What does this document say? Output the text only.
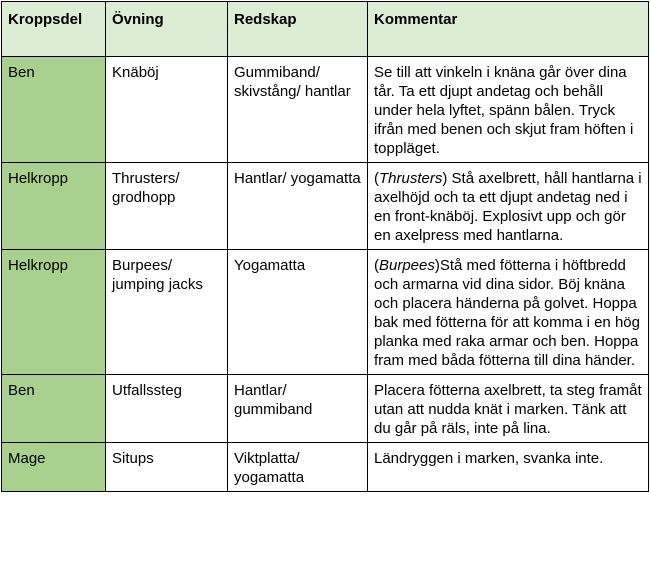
Kroppsdel	Övning	Redskap	Kommentar
Ben	Knäböj	Gummiband/ skivstång/ hantlar	Se till att vinkeln i knäna går över dina tår. Ta ett djupt andetag och behåll under hela lyftet, spänn bålen. Tryck ifrån med benen och skjut fram höften i toppläget.
Helkropp	Thrusters/ grodhopp	Hantlar/ yogamatta	(Thrusters) Stå axelbrett, håll hantlarna i axelhöjd och ta ett djupt andetag ned i en front-knäböj. Explosivt upp och gör en axelpress med hantlarna.
Helkropp	Burpees/ jumping jacks	Yogamatta	(Burpees)Stå med fötterna i höftbredd och armarna vid dina sidor. Böj knäna och placera händerna på golvet. Hoppa bak med fötterna för att komma i en hög planka med raka armar och ben. Hoppa fram med båda fötterna till dina händer.
Ben	Utfallssteg	Hantlar/ gummiband	Placera fötterna axelbrett, ta steg framåt utan att nudda knät i marken. Tänk att du går på räls, inte på lina.
Mage	Situps	Viktplatta/ yogamatta	Ländryggen i marken, svanka inte.
